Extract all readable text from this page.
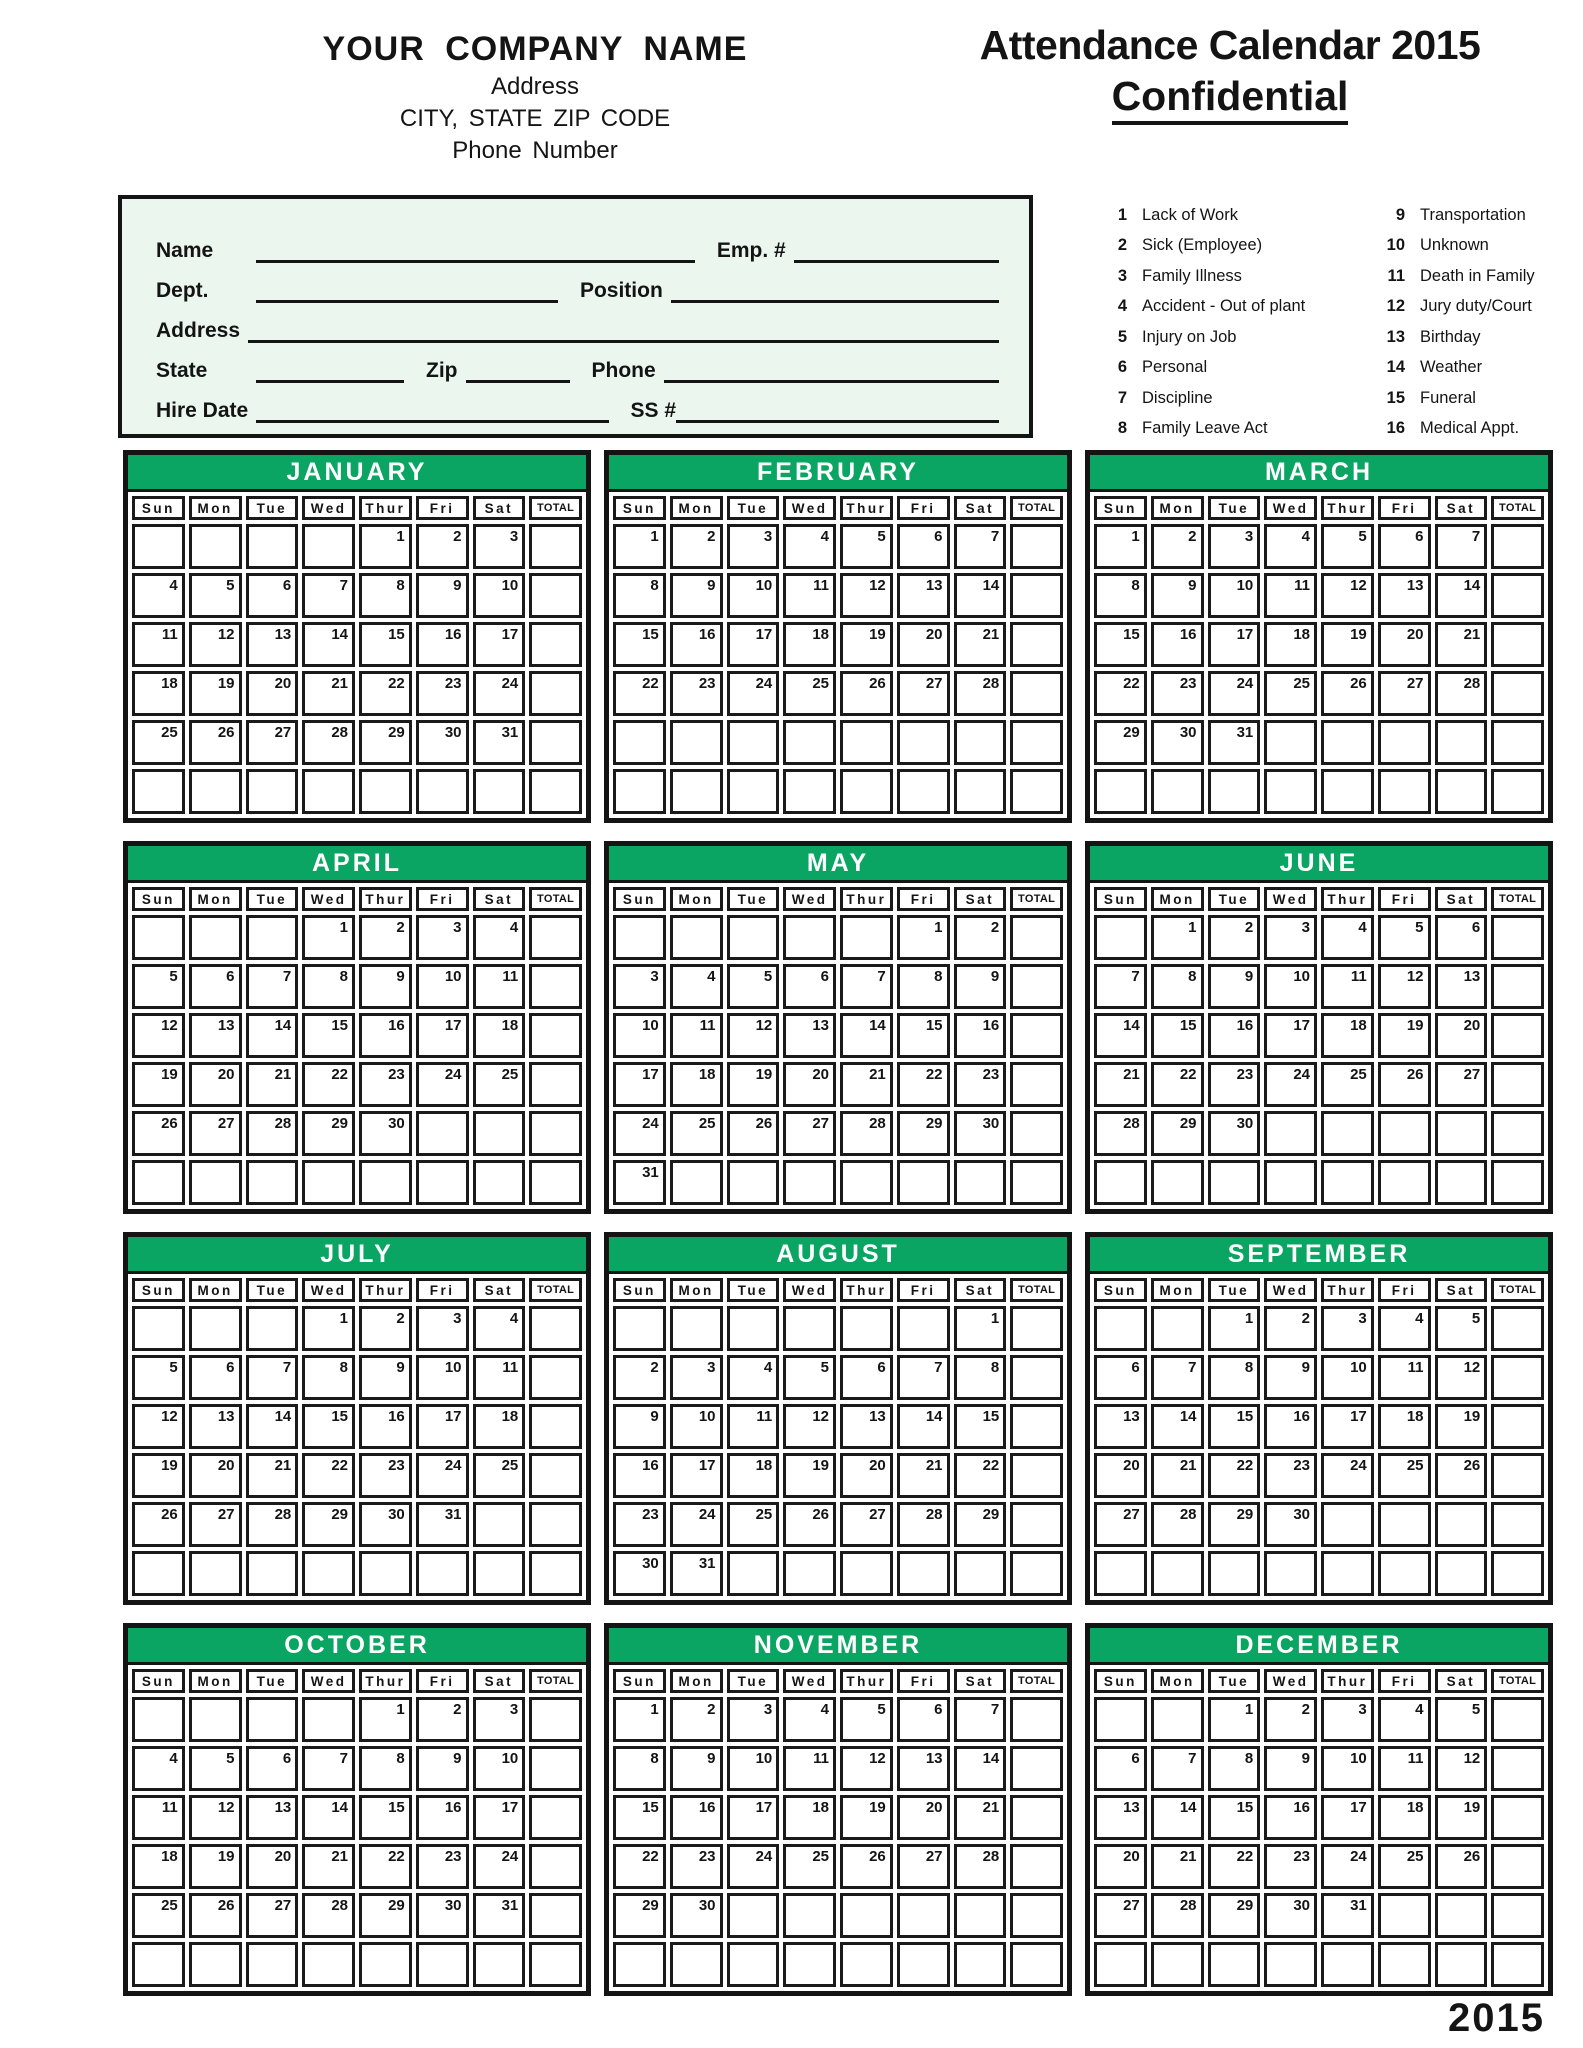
YOUR COMPANY NAME
Address
CITY, STATE ZIP CODE
Phone Number
Attendance Calendar 2015
Confidential
Name	Emp. #
Dept.	Position
Address
State	Zip	Phone
Hire Date	SS #
1 Lack of Work
2 Sick (Employee)
3 Family Illness
4 Accident - Out of plant
5 Injury on Job
6 Personal
7 Discipline
8 Family Leave Act
9 Transportation
10 Unknown
11 Death in Family
12 Jury duty/Court
13 Birthday
14 Weather
15 Funeral
16 Medical Appt.
JANUARY
Sun	Mon	Tue	Wed	Thur	Fri	Sat	TOTAL
				1	2	3	
4	5	6	7	8	9	10	
11	12	13	14	15	16	17	
18	19	20	21	22	23	24	
25	26	27	28	29	30	31	

FEBRUARY
Sun	Mon	Tue	Wed	Thur	Fri	Sat	TOTAL
1	2	3	4	5	6	7	
8	9	10	11	12	13	14	
15	16	17	18	19	20	21	
22	23	24	25	26	27	28	

MARCH
Sun	Mon	Tue	Wed	Thur	Fri	Sat	TOTAL
1	2	3	4	5	6	7	
8	9	10	11	12	13	14	
15	16	17	18	19	20	21	
22	23	24	25	26	27	28	
29	30	31					

APRIL
Sun	Mon	Tue	Wed	Thur	Fri	Sat	TOTAL
			1	2	3	4	
5	6	7	8	9	10	11	
12	13	14	15	16	17	18	
19	20	21	22	23	24	25	
26	27	28	29	30			

MAY
Sun	Mon	Tue	Wed	Thur	Fri	Sat	TOTAL
					1	2	
3	4	5	6	7	8	9	
10	11	12	13	14	15	16	
17	18	19	20	21	22	23	
24	25	26	27	28	29	30	
31							
JUNE
Sun	Mon	Tue	Wed	Thur	Fri	Sat	TOTAL
	1	2	3	4	5	6	
7	8	9	10	11	12	13	
14	15	16	17	18	19	20	
21	22	23	24	25	26	27	
28	29	30					

JULY
Sun	Mon	Tue	Wed	Thur	Fri	Sat	TOTAL
			1	2	3	4	
5	6	7	8	9	10	11	
12	13	14	15	16	17	18	
19	20	21	22	23	24	25	
26	27	28	29	30	31		

AUGUST
Sun	Mon	Tue	Wed	Thur	Fri	Sat	TOTAL
						1	
2	3	4	5	6	7	8	
9	10	11	12	13	14	15	
16	17	18	19	20	21	22	
23	24	25	26	27	28	29	
30	31						
SEPTEMBER
Sun	Mon	Tue	Wed	Thur	Fri	Sat	TOTAL
		1	2	3	4	5	
6	7	8	9	10	11	12	
13	14	15	16	17	18	19	
20	21	22	23	24	25	26	
27	28	29	30				

OCTOBER
Sun	Mon	Tue	Wed	Thur	Fri	Sat	TOTAL
				1	2	3	
4	5	6	7	8	9	10	
11	12	13	14	15	16	17	
18	19	20	21	22	23	24	
25	26	27	28	29	30	31	

NOVEMBER
Sun	Mon	Tue	Wed	Thur	Fri	Sat	TOTAL
1	2	3	4	5	6	7	
8	9	10	11	12	13	14	
15	16	17	18	19	20	21	
22	23	24	25	26	27	28	
29	30						

DECEMBER
Sun	Mon	Tue	Wed	Thur	Fri	Sat	TOTAL
		1	2	3	4	5	
6	7	8	9	10	11	12	
13	14	15	16	17	18	19	
20	21	22	23	24	25	26	
27	28	29	30	31			

2015
